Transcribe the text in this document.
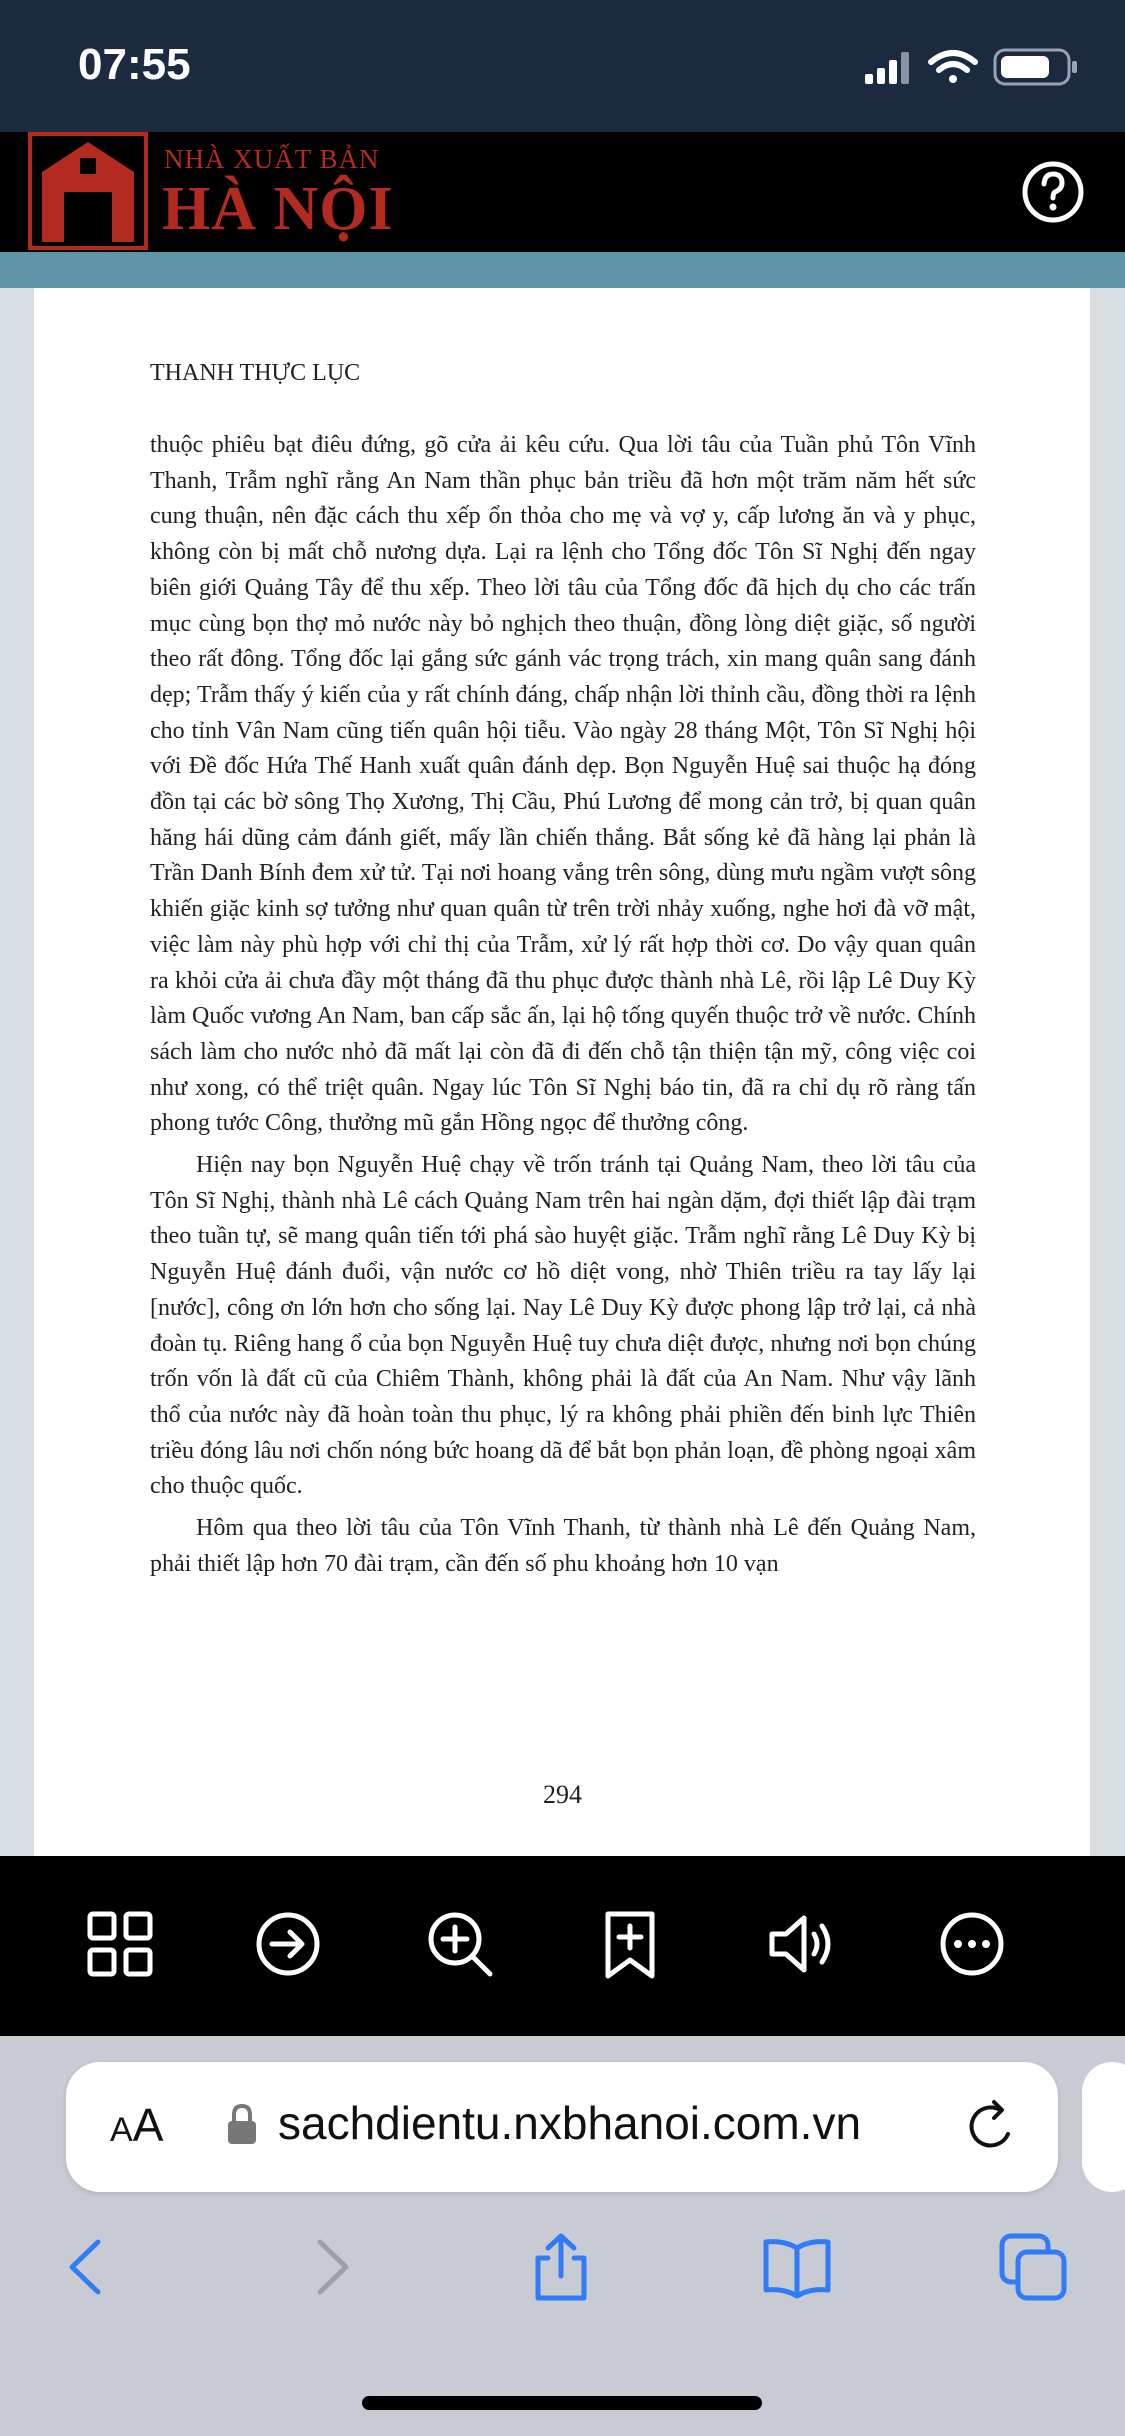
07:55
NHÀ XUẤT BẢN
HÀ NỘI
THANH THỰC LỤC

thuộc phiêu bạt điêu đứng, gõ cửa ải kêu cứu. Qua lời tâu của Tuần phủ Tôn Vĩnh Thanh, Trẫm nghĩ rằng An Nam thần phục bản triều đã hơn một trăm năm hết sức cung thuận, nên đặc cách thu xếp ổn thỏa cho mẹ và vợ y, cấp lương ăn và y phục, không còn bị mất chỗ nương dựa. Lại ra lệnh cho Tổng đốc Tôn Sĩ Nghị đến ngay biên giới Quảng Tây để thu xếp. Theo lời tâu của Tổng đốc đã hịch dụ cho các trấn mục cùng bọn thợ mỏ nước này bỏ nghịch theo thuận, đồng lòng diệt giặc, số người theo rất đông. Tổng đốc lại gắng sức gánh vác trọng trách, xin mang quân sang đánh dẹp; Trẫm thấy ý kiến của y rất chính đáng, chấp nhận lời thỉnh cầu, đồng thời ra lệnh cho tỉnh Vân Nam cũng tiến quân hội tiễu. Vào ngày 28 tháng Một, Tôn Sĩ Nghị hội với Đề đốc Hứa Thế Hanh xuất quân đánh dẹp. Bọn Nguyễn Huệ sai thuộc hạ đóng đồn tại các bờ sông Thọ Xương, Thị Cầu, Phú Lương để mong cản trở, bị quan quân hăng hái dũng cảm đánh giết, mấy lần chiến thắng. Bắt sống kẻ đã hàng lại phản là Trần Danh Bính đem xử tử. Tại nơi hoang vắng trên sông, dùng mưu ngầm vượt sông khiến giặc kinh sợ tưởng như quan quân từ trên trời nhảy xuống, nghe hơi đà vỡ mật, việc làm này phù hợp với chỉ thị của Trẫm, xử lý rất hợp thời cơ. Do vậy quan quân ra khỏi cửa ải chưa đầy một tháng đã thu phục được thành nhà Lê, rồi lập Lê Duy Kỳ làm Quốc vương An Nam, ban cấp sắc ấn, lại hộ tống quyến thuộc trở về nước. Chính sách làm cho nước nhỏ đã mất lại còn đã đi đến chỗ tận thiện tận mỹ, công việc coi như xong, có thể triệt quân. Ngay lúc Tôn Sĩ Nghị báo tin, đã ra chỉ dụ rõ ràng tấn phong tước Công, thưởng mũ gắn Hồng ngọc để thưởng công.

Hiện nay bọn Nguyễn Huệ chạy về trốn tránh tại Quảng Nam, theo lời tâu của Tôn Sĩ Nghị, thành nhà Lê cách Quảng Nam trên hai ngàn dặm, đợi thiết lập đài trạm theo tuần tự, sẽ mang quân tiến tới phá sào huyệt giặc. Trẫm nghĩ rằng Lê Duy Kỳ bị Nguyễn Huệ đánh đuổi, vận nước cơ hồ diệt vong, nhờ Thiên triều ra tay lấy lại [nước], công ơn lớn hơn cho sống lại. Nay Lê Duy Kỳ được phong lập trở lại, cả nhà đoàn tụ. Riêng hang ổ của bọn Nguyễn Huệ tuy chưa diệt được, nhưng nơi bọn chúng trốn vốn là đất cũ của Chiêm Thành, không phải là đất của An Nam. Như vậy lãnh thổ của nước này đã hoàn toàn thu phục, lý ra không phải phiền đến binh lực Thiên triều đóng lâu nơi chốn nóng bức hoang dã để bắt bọn phản loạn, đề phòng ngoại xâm cho thuộc quốc.

Hôm qua theo lời tâu của Tôn Vĩnh Thanh, từ thành nhà Lê đến Quảng Nam, phải thiết lập hơn 70 đài trạm, cần đến số phu khoảng hơn 10 vạn

294
AA sachdientu.nxbhanoi.com.vn
